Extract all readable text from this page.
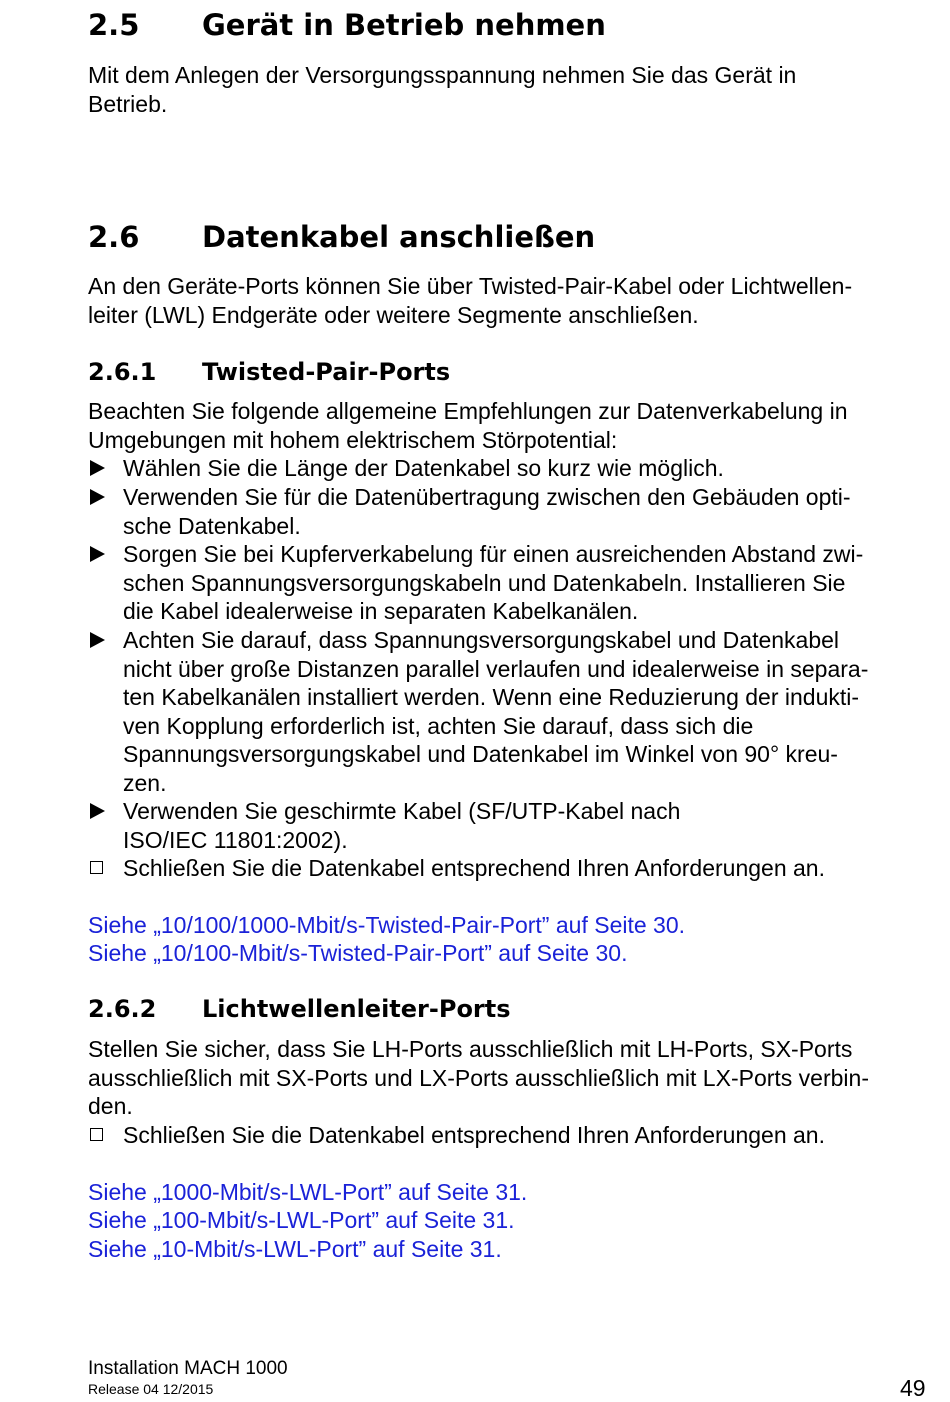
2.5 Gerät in Betrieb nehmen

Mit dem Anlegen der Versorgungsspannung nehmen Sie das Gerät in
Betrieb.

2.6 Datenkabel anschließen

An den Geräte-Ports können Sie über Twisted-Pair-Kabel oder Lichtwellen-
leiter (LWL) Endgeräte oder weitere Segmente anschließen.

2.6.1 Twisted-Pair-Ports

Beachten Sie folgende allgemeine Empfehlungen zur Datenverkabelung in
Umgebungen mit hohem elektrischem Störpotential:

Wählen Sie die Länge der Datenkabel so kurz wie möglich.
Verwenden Sie für die Datenübertragung zwischen den Gebäuden opti-
sche Datenkabel.
Sorgen Sie bei Kupferverkabelung für einen ausreichenden Abstand zwi-
schen Spannungsversorgungskabeln und Datenkabeln. Installieren Sie
die Kabel idealerweise in separaten Kabelkanälen.
Achten Sie darauf, dass Spannungsversorgungskabel und Datenkabel
nicht über große Distanzen parallel verlaufen und idealerweise in separa-
ten Kabelkanälen installiert werden. Wenn eine Reduzierung der indukti-
ven Kopplung erforderlich ist, achten Sie darauf, dass sich die
Spannungsversorgungskabel und Datenkabel im Winkel von 90° kreu-
zen.
Verwenden Sie geschirmte Kabel (SF/UTP-Kabel nach
ISO/IEC 11801:2002).
Schließen Sie die Datenkabel entsprechend Ihren Anforderungen an.
Siehe „10/100/1000-Mbit/s-Twisted-Pair-Port” auf Seite 30.
Siehe „10/100-Mbit/s-Twisted-Pair-Port” auf Seite 30.
2.6.2 Lichtwellenleiter-Ports

Stellen Sie sicher, dass Sie LH-Ports ausschließlich mit LH-Ports, SX-Ports
ausschließlich mit SX-Ports und LX-Ports ausschließlich mit LX-Ports verbin-
den.

Schließen Sie die Datenkabel entsprechend Ihren Anforderungen an.
Siehe „1000-Mbit/s-LWL-Port” auf Seite 31.
Siehe „100-Mbit/s-LWL-Port” auf Seite 31.
Siehe „10-Mbit/s-LWL-Port” auf Seite 31.
Installation MACH 1000
Release 04 12/2015	49
